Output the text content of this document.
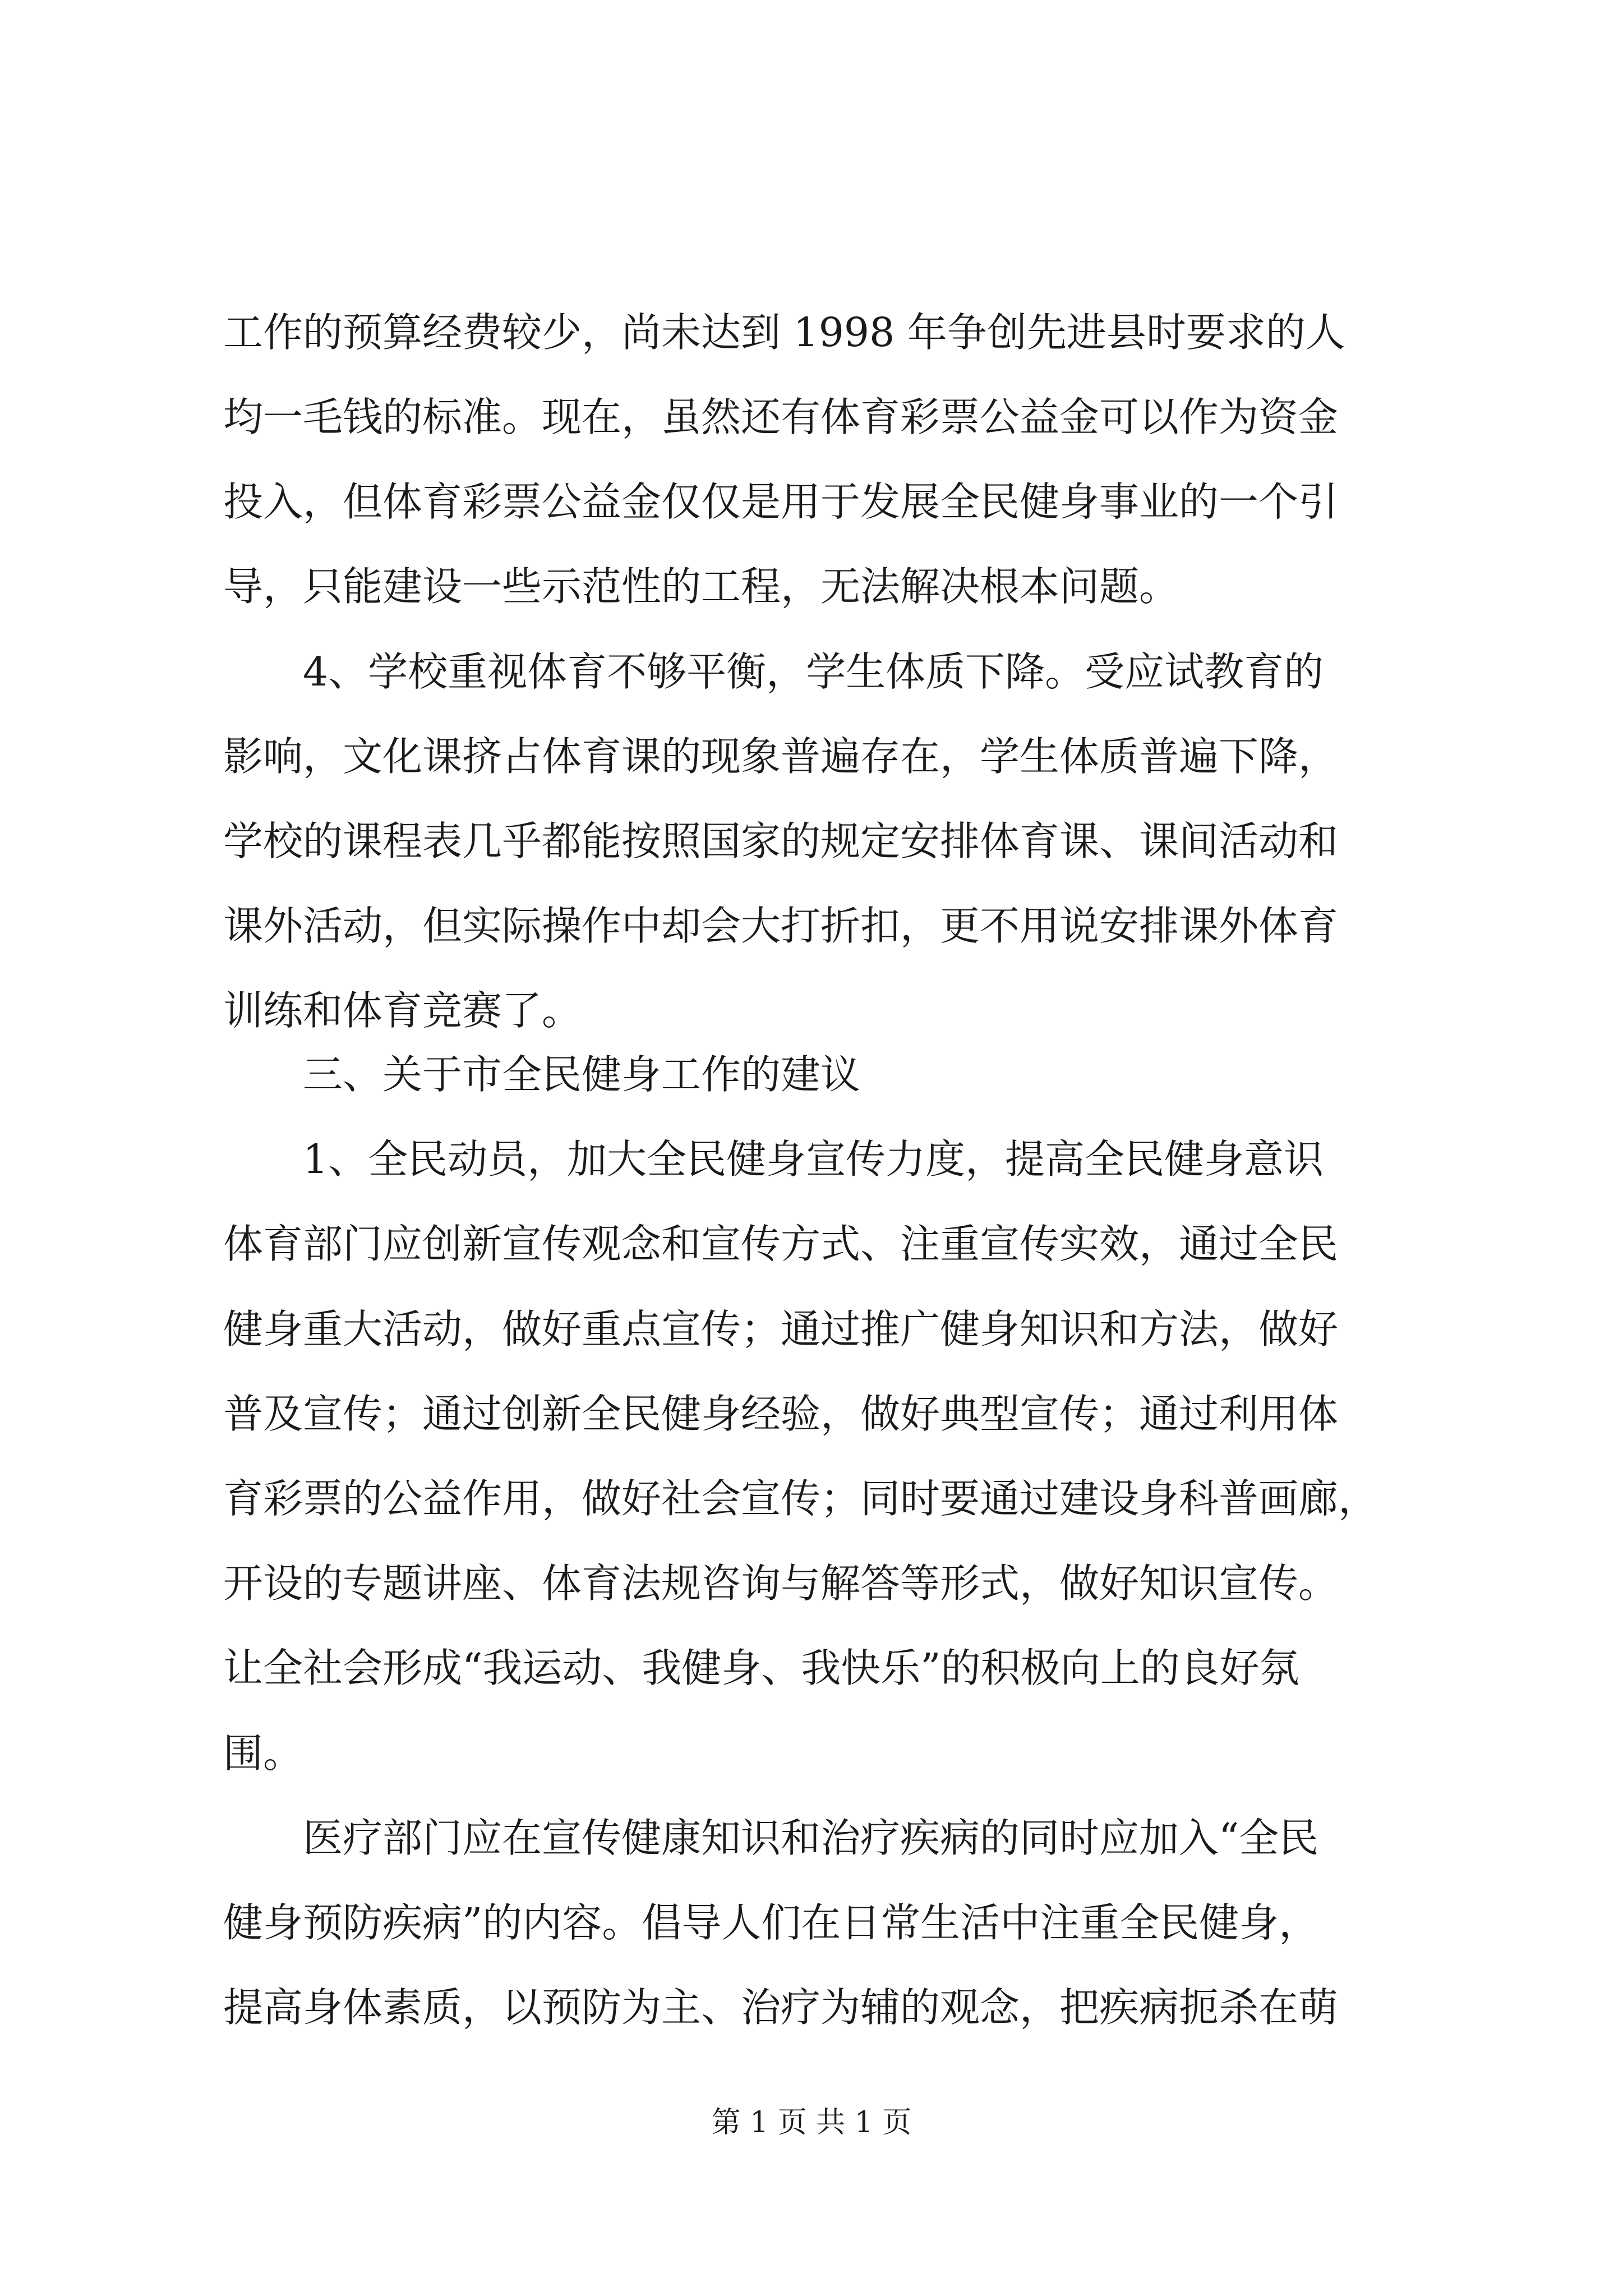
工作的预算经费较少，尚未达到 1998 年争创先进县时要求的人

均一毛钱的标准。现在，虽然还有体育彩票公益金可以作为资金

投入，但体育彩票公益金仅仅是用于发展全民健身事业的一个引

导，只能建设一些示范性的工程，无法解决根本问题。

4、学校重视体育不够平衡，学生体质下降。受应试教育的

影响，文化课挤占体育课的现象普遍存在，学生体质普遍下降，

学校的课程表几乎都能按照国家的规定安排体育课、课间活动和

课外活动，但实际操作中却会大打折扣，更不用说安排课外体育

训练和体育竞赛了。

三、关于市全民健身工作的建议

1、全民动员，加大全民健身宣传力度，提高全民健身意识

体育部门应创新宣传观念和宣传方式、注重宣传实效，通过全民

健身重大活动，做好重点宣传；通过推广健身知识和方法，做好

普及宣传；通过创新全民健身经验，做好典型宣传；通过利用体

育彩票的公益作用，做好社会宣传；同时要通过建设身科普画廊，

开设的专题讲座、体育法规咨询与解答等形式，做好知识宣传。

让全社会形成“我运动、我健身、我快乐”的积极向上的良好氛

围。

医疗部门应在宣传健康知识和治疗疾病的同时应加入“全民

健身预防疾病”的内容。倡导人们在日常生活中注重全民健身，

提高身体素质，以预防为主、治疗为辅的观念，把疾病扼杀在萌

第 1 页 共 1 页
